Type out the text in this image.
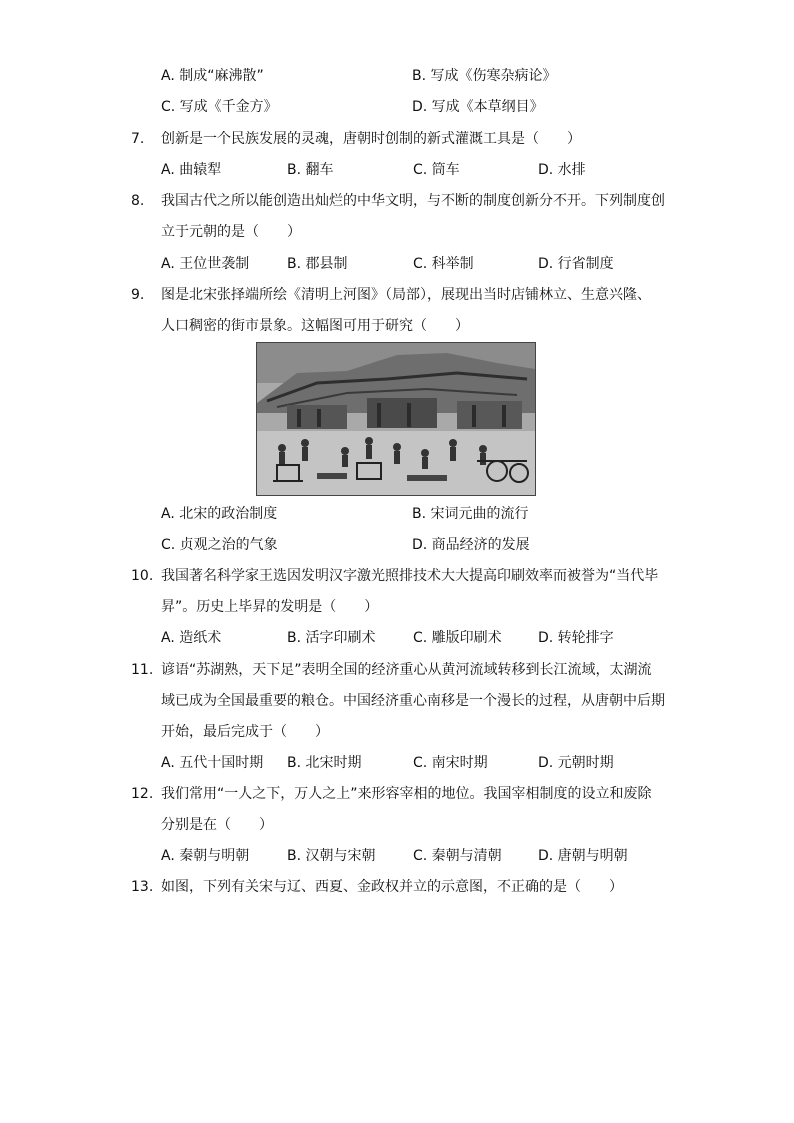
A. 制成“麻沸散”	B. 写成《伤寒杂病论》
C. 写成《千金方》	D. 写成《本草纲目》
7.	创新是一个民族发展的灵魂，唐朝时创制的新式灌溉工具是（　　）
A. 曲辕犁	B. 翻车	C. 筒车	D. 水排
8.	我国古代之所以能创造出灿烂的中华文明，与不断的制度创新分不开。下列制度创
立于元朝的是（　　）
A. 王位世袭制	B. 郡县制	C. 科举制	D. 行省制度
9.	图是北宋张择端所绘《清明上河图》（局部），展现出当时店铺林立、生意兴隆、
人口稠密的街市景象。这幅图可用于研究（　　）
A. 北宋的政治制度	B. 宋词元曲的流行
C. 贞观之治的气象	D. 商品经济的发展
10. 我国著名科学家王选因发明汉字激光照排技术大大提高印刷效率而被誉为“当代毕
昇”。历史上毕昇的发明是（　　）
A. 造纸术	B. 活字印刷术	C. 雕版印刷术	D. 转轮排字
11. 谚语“苏湖熟，天下足”表明全国的经济重心从黄河流域转移到长江流域，太湖流
域已成为全国最重要的粮仓。中国经济重心南移是一个漫长的过程，从唐朝中后期
开始，最后完成于（　　）
A. 五代十国时期 B. 北宋时期	C. 南宋时期	D. 元朝时期
12. 我们常用“一人之下，万人之上”来形容宰相的地位。我国宰相制度的设立和废除
分别是在（　　）
A. 秦朝与明朝	B. 汉朝与宋朝	C. 秦朝与清朝	D. 唐朝与明朝
13. 如图，下列有关宋与辽、西夏、金政权并立的示意图，不正确的是（　　）
